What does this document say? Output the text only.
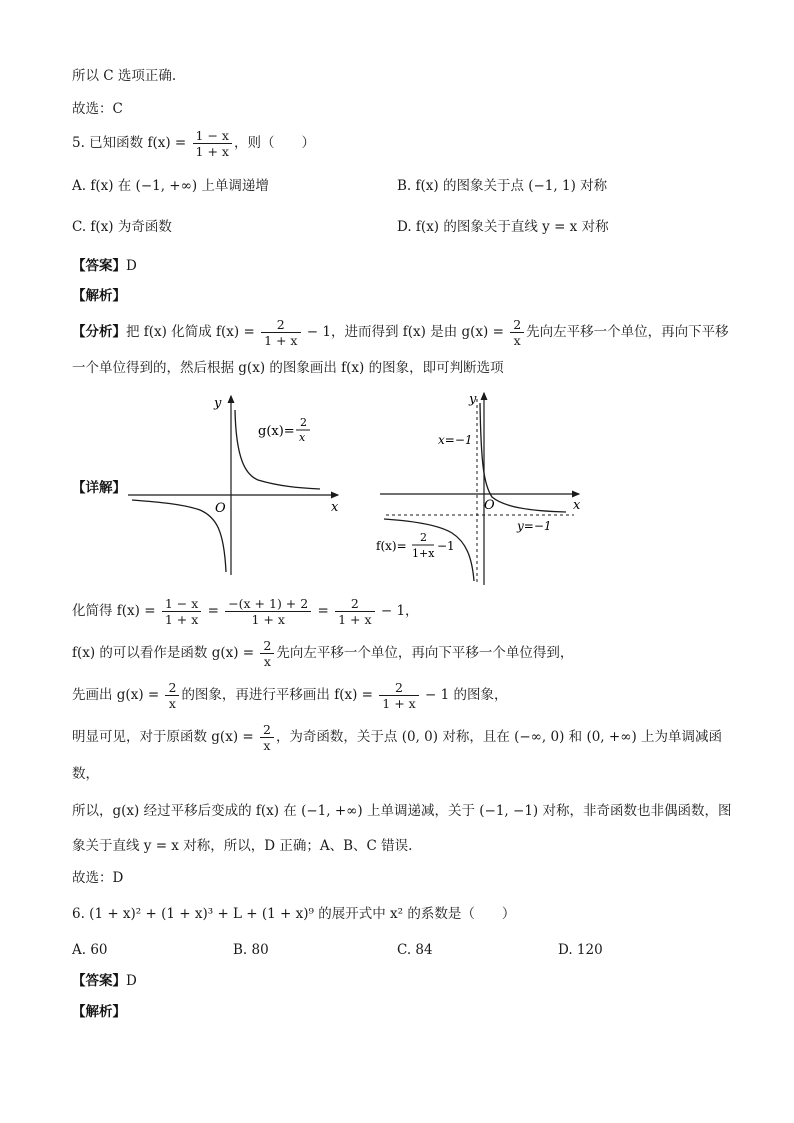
所以 C 选项正确.
故选：C
5. 已知函数 $f(x) = \frac{1 - x}{1 + x}$ ，则（　　）
A. f(x) 在 (−1, +∞) 上单调递增	B. f(x) 的图象关于点 (−1, 1) 对称
C. f(x) 为奇函数	D. f(x) 的图象关于直线 y = x 对称
【答案】D
【解析】
【分析】把 f(x) 化简成 $f(x) = \frac{2}{1 + x} - 1$，进而得到 f(x) 是由 $g(x) = \frac{2}{x}$ 先向左平移一个单位，再向下平移
一个单位得到的，然后根据 g(x) 的图象画出 f(x) 的图象，即可判断选项
【详解】
y
x
O
g(x)=
2
x
y
x
O
x=−1
y=−1
f(x)=
2
1+x
−1
化简得 $f(x) = \frac{1 - x}{1 + x} = \frac{-(x + 1) + 2}{1 + x} = \frac{2}{1 + x} - 1$，
f(x) 的可以看作是函数 $g(x) = \frac{2}{x}$ 先向左平移一个单位，再向下平移一个单位得到，
先画出 $g(x) = \frac{2}{x}$ 的图象，再进行平移画出 $f(x) = \frac{2}{1 + x} - 1$ 的图象，
明显可见，对于原函数 $g(x) = \frac{2}{x}$ ，为奇函数，关于点 (0, 0) 对称，且在 (−∞, 0) 和 (0, +∞) 上为单调减函
数，
所以，g(x) 经过平移后变成的 f(x) 在 (−1, +∞) 上单调递减，关于 (−1, −1) 对称，非奇函数也非偶函数，图
象关于直线 y = x 对称，所以，D 正确；A、B、C 错误.
故选：D
6. (1 + x)² + (1 + x)³ + L + (1 + x)⁹ 的展开式中 x² 的系数是（　　）
A. 60	B. 80	C. 84	D. 120
【答案】D
【解析】
